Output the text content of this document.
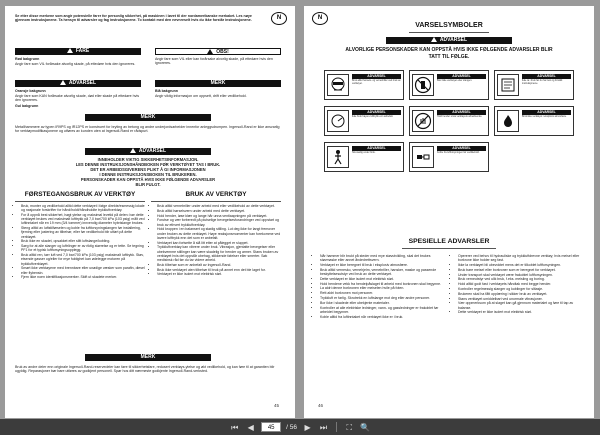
N

Se etter disse merkene som angir potensielle farer for personlig sikkerhet, på maskinen i løvet til der nordamerikanske merkaket. Les nøye gjennom instruksjonene. Ta hensyn til advarsler og fag instruksjonene. To kontakt med den nevnreselt hvis du ikke forstår instruksjonene.

FARE

Rød bakgrunn

Angir fare som VIL forårsake alvorlig skade, på ettedøre hvis den ignoreres.

OBS!

Angir fare som VIL eller kan forårsake alvorlig skade, på ettedøre hvis den ignoreres.

ADVARSEL

Oransje bakgrunn

Angir fare som KAN forårsake alvorlig skade, død eller skade på ettedøre hvis den ignoreres.

Gul bakgrunn

MERK

Blå bakgrunn

Angir viktig informasjon om oppsett, drift eller vedlikehold.

MERK

Metallhammere av typen IR9PS og IR12PS er konstruert for bryting av betong og andre underjordsarbeider innenfor anleggsdrumpen. Ingersoll-Rand er ikke ansvarlig for verktøymodifikasjonene og utføres av kunden uten at Ingersoll-Rand er rådspurt.

ADVARSEL

INNEHOLDER VIKTIG SIKKERHETSINFORMASJON.

LES DENNE INSTRUKSJONSHÅNDBOKEN FØR VERKTØYET TAS I BRUK.

DET ER ARBEIDSGIVERENS PLIKT Å GI INFORMASJONEN

I DENNE INSTRUKSJONSBOKEN TIL BRUKEREN.

PERSONSKADER KAN OPPSTÅ HVIS IKKE FØLGENDE ADVARSLER

BLIR FULGT.

FØRSTEGANGSBRUK AV VERKTØY

• Bruk, monter og vedlikehold alltid dette verktøyet i følge direkte/esmessig lokale og nasjonale forskrifter for hånd/holdt/håndholdte trykkluftverktøy.
• For å oppnå best sikkerhet, høgt ytelse og maksimal levetid på delen: bør dette verktøyet brukes ved maksimalt lufttrykk på 7,0 bar/700 kPa (103 psig) målt ved luftinntaket når en 19 mm (3/4 tommer) innvendig diameter hybrislange brukes.
• Steng alltid av luftstilførselen og koble fra luftforsyningslangen før installering, fjerning eller justering av tilbehør, eller før vedlikehold blir utført på dette verktøyet.
• Bruk ikke en skadet, opsakket eller slitt luftslange/kobling.
• Sørg for at alle slanger og luftrlinger er av riktig størrelse og er tette. Se tegning PF1 for et typisk luftforsyningsopplegg.
• Bruk alltid ren, tørr luft ved 7,0 bar/700 kPa (103 psig) maksimalt lufttrykk. Støv, etsende gasser og/eller for mye fuktighet kan ødelegge motoren på trykkluftverktøyet.
• Smørt ikke verktøyene med brennbare eller unødige væsker som parafin, diesel eller flybensin.
• Fjern ikke noen identifikasjonsmerker. Skift ut skadete merker.

BRUK AV VERKTØY

• Bruk alltid vernebriller under arbeid med eller vedlikehold av dette verktøyet.
• Bruk alltid hørselsvern under arbeid med dette verktøyet.
• Hold hender, løse klær og lange hår unna ventiaapningen på verktøyet.
• Forutse og vær forberedt på plutselige bevegelsesforandringer ved oppstart og bruk av ethvert trykkluftverktøy.
• Hold kroppen i en balansert og stødig stilling. Lut deg ikke for langt fremover under bruken av dette verktøyet. Høye reaksjonsmomenter kan forekomme ved lavere lufttrykk enn det som er anbefalt.
• Verktøyet kan fortsette å slå litt etter at pålegget er sluppet.
• Trykkluftverktøy kan vibrere under bruk. Vibrasjon, gjentatte bevegelser eller ubekvemme stillinger kan være skadelig for hender og armer. Stans bruken av verktøyet hvis det oppstår ubehag, stikkende følelser eller smerter. Søk medisinsk råd før du tar videre arbeid.
• Bruk tilbehør som er anbefalt av Ingersoll-Rand.
• Bruk ikke verktøyet uten tilbehør til bruk på annet enn det ble laget for.
• Verktøyet er ikke isolert mot elektrisk støt.
MERK

Bruk av andre deler enn originale Ingersoll-Rand-reservedeler kan føre til sikkerhetsfare, redusert verktøys-ytelse og økt vedlikehold, og kan føre til at garantien blir ugyldig. Reparasjoner bør bare utføres av godkjent personell. Spør hos ditt nærmeste godkjente Ingersoll-Rand-verksted.

45
N

VARSELSYMBOLER

ADVARSEL

ALVORLIGE PERSONSKADER KAN OPPSTÅ HVIS IKKE FØLGENDE ADVARSLER BLIR

TATT TIL FØLGE.

ADVARSEL
Bruk alltid hørsels- og vernebriller ved bruk av verktøyet.
ADVARSEL
Bær ikke verktøyet etter slangen.
ADVARSEL
Ikke ta i bruk før du har lest og forstått instruksjonene.
ADVARSEL
Ikke bruk høyere lufttrykk enn anbefalt.
ADVARSEL
Hold hender unna verktøyets arbeidsende.
ADVARSEL
Bruk ikke verktøyet i eksplosiv atmosfære.
ADVARSEL
Stå stødig under bruk.
ADVARSEL
Koble fra luftforsyningen før vedlikehold.

SPESIELLE ADVARSLER

• Når hammer blir brukt på steder med mye støvutvikling, skal det brukes støvmaske eller annet åndedrettsvern.
• Verktøyet er ikke beregnet til bruk i eksplosiv atmosfære.
• Bruk alltid vernesko, vernehjelm, vernebriller, hansker, maske og passende beskyttelsesutstyr ved bruk av dette verktøyet.
• Dette verktøyet er ikke isolert mot elektrisk støt.
• Hold hendene vekk fra hendelpåslaget til arbeid med borkronen skal begynne.
• La aldri denne borkronen eller meiselen hvile på foten.
• Rett aldri borkronen mot personer.
• Trykkluft er farlig. Skrutrekk en luftslange mot deg eller andre personer.
• Bor ikke i skadede eller ubekjente materialer.
• Kontroller at alle elektriske ledninger, vann- og gassledninger er frakoblet før arbeidet begynner.
• Koble alltid fra luftinntaket når verktøyet ikke er i bruk.
• Opererer ved behov til hydrauliske og trykkluftdrevne verktøy; hvis meisel eller borkrone ikke holder seg fast.
• Ikke la verktøyet bli ubevoktet mens det er tilkoblet luftforsyningen.
• Bruk bare meisel eller borkroner som er beregnet for verktøyet.
• Under transport skal verktøyet være frakoblet luftforsyningen.
• Bruk verneutstyr ved ulik bruk, f.eks. meisling og boring.
• Hold alltid godt fast i verktøyets håndtak med begge hender.
• Kontroller regelmessig slanger og koblinger for slitasje.
• Brukeren skal ha fått opplæring i sikker bruk av verktøyet.
• Stans verktøyet umiddelbart ved unormale vibrasjoner.
• Vær oppmerksom på at slaget kan gå gjennom materialet og føre til tap av balanse.
• Dette verktøyet er ikke isolert mot elektrisk støt.
46
⏮	◀	45	/ 56 ▶	⏭	⛶	🔍
